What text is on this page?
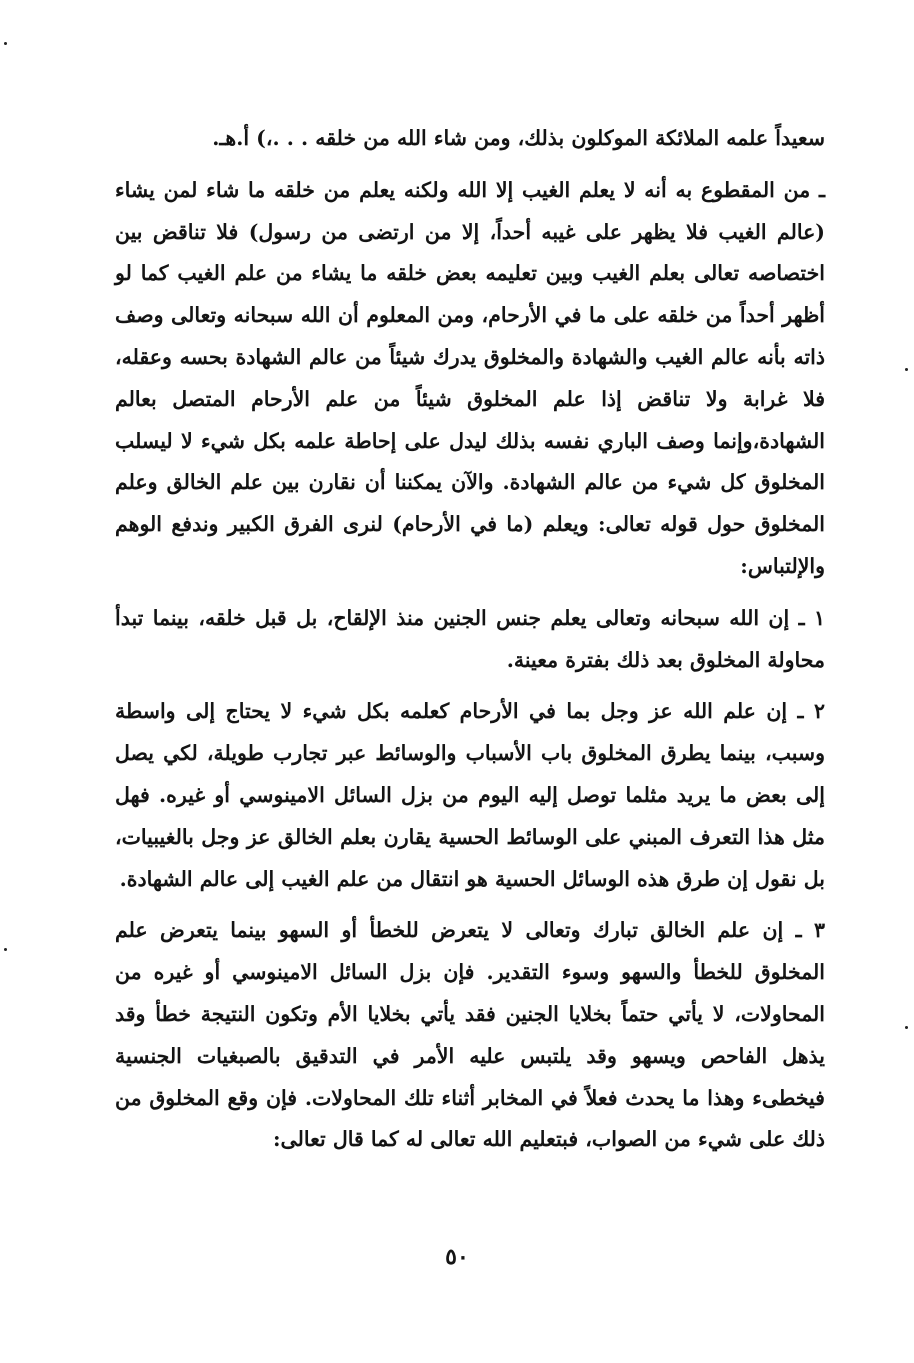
سعيداً علمه الملائكة الموكلون بذلك، ومن شاء الله من خلقه . . .،) أ.هـ.

ـ من المقطوع به أنه لا يعلم الغيب إلا الله ولكنه يعلم من خلقه ما شاء لمن يشاء (عالم الغيب فلا يظهر على غيبه أحداً، إلا من ارتضى من رسول) فلا تناقض بين اختصاصه تعالى بعلم الغيب وبين تعليمه بعض خلقه ما يشاء من علم الغيب كما لو أظهر أحداً من خلقه على ما في الأرحام، ومن المعلوم أن الله سبحانه وتعالى وصف ذاته بأنه عالم الغيب والشهادة والمخلوق يدرك شيئاً من عالم الشهادة بحسه وعقله، فلا غرابة ولا تناقض إذا علم المخلوق شيئاً من علم الأرحام المتصل بعالم الشهادة،وإنما وصف الباري نفسه بذلك ليدل على إحاطة علمه بكل شيء لا ليسلب المخلوق كل شيء من عالم الشهادة. والآن يمكننا أن نقارن بين علم الخالق وعلم المخلوق حول قوله تعالى: ويعلم (ما في الأرحام) لنرى الفرق الكبير وندفع الوهم والإلتباس:

١ ـ إن الله سبحانه وتعالى يعلم جنس الجنين منذ الإلقاح، بل قبل خلقه، بينما تبدأ محاولة المخلوق بعد ذلك بفترة معينة.

٢ ـ إن علم الله عز وجل بما في الأرحام كعلمه بكل شيء لا يحتاج إلى واسطة وسبب، بينما يطرق المخلوق باب الأسباب والوسائط عبر تجارب طويلة، لكي يصل إلى بعض ما يريد مثلما توصل إليه اليوم من بزل السائل الامينوسي أو غيره. فهل مثل هذا التعرف المبني على الوسائط الحسية يقارن بعلم الخالق عز وجل بالغيبيات، بل نقول إن طرق هذه الوسائل الحسية هو انتقال من علم الغيب إلى عالم الشهادة.

٣ ـ إن علم الخالق تبارك وتعالى لا يتعرض للخطأ أو السهو بينما يتعرض علم المخلوق للخطأ والسهو وسوء التقدير. فإن بزل السائل الامينوسي أو غيره من المحاولات، لا يأتي حتماً بخلايا الجنين فقد يأتي بخلايا الأم وتكون النتيجة خطأ وقد يذهل الفاحص ويسهو وقد يلتبس عليه الأمر في التدقيق بالصبغيات الجنسية فيخطىء وهذا ما يحدث فعلاً في المخابر أثناء تلك المحاولات. فإن وقع المخلوق من ذلك على شيء من الصواب، فبتعليم الله تعالى له كما قال تعالى:

٥٠
